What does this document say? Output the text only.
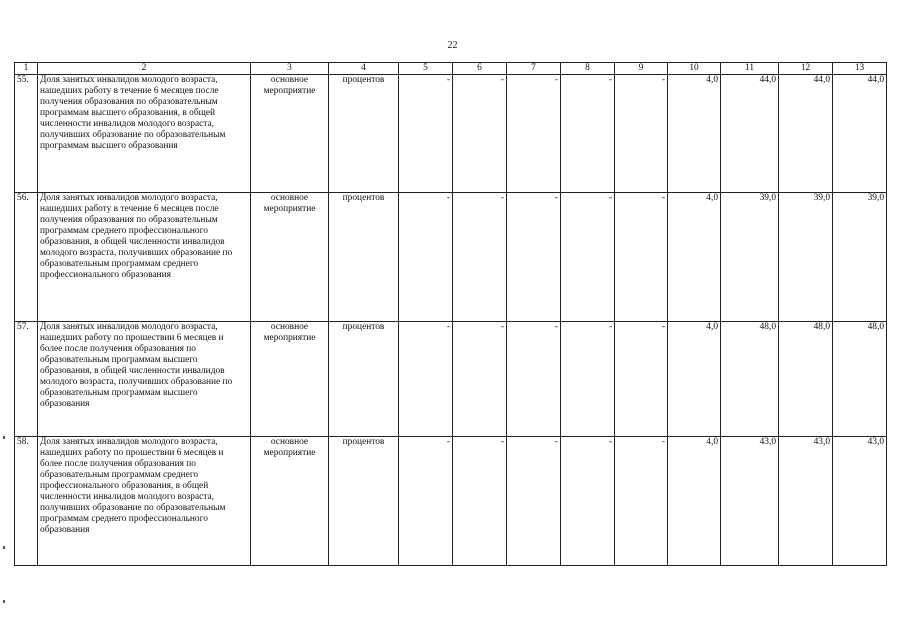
22
1	2	3	4	5	6	7	8	9	10	11	12	13
55.	Доля занятых инвалидов молодого возраста, нашедших работу в течение 6 месяцев после получения образования по образовательным программам высшего образования, в общей численности инвалидов молодого возраста, получивших образование по образовательным программам высшего образования	основное мероприятие	процентов	-	-	-	-	-	4,0	44,0	44,0	44,0
56.	Доля занятых инвалидов молодого возраста, нашедших работу в течение 6 месяцев после получения образования по образовательным программам среднего профессионального образования, в общей численности инвалидов молодого возраста, получивших образование по образовательным программам среднего профессионального образования	основное мероприятие	процентов	-	-	-	-	-	4,0	39,0	39,0	39,0
57.	Доля занятых инвалидов молодого возраста, нашедших работу по прошествии 6 месяцев и более после получения образования по образовательным программам высшего образования, в общей численности инвалидов молодого возраста, получивших образование по образовательным программам высшего образования	основное мероприятие	процентов	-	-	-	-	-	4,0	48,0	48,0	48,0
58.	Доля занятых инвалидов молодого возраста, нашедших работу по прошествии 6 месяцев и более после получения образования по образовательным программам среднего профессионального образования, в общей численности инвалидов молодого возраста, получивших образование по образовательным программам среднего профессионального образования	основное мероприятие	процентов	-	-	-	-	-	4,0	43,0	43,0	43,0
